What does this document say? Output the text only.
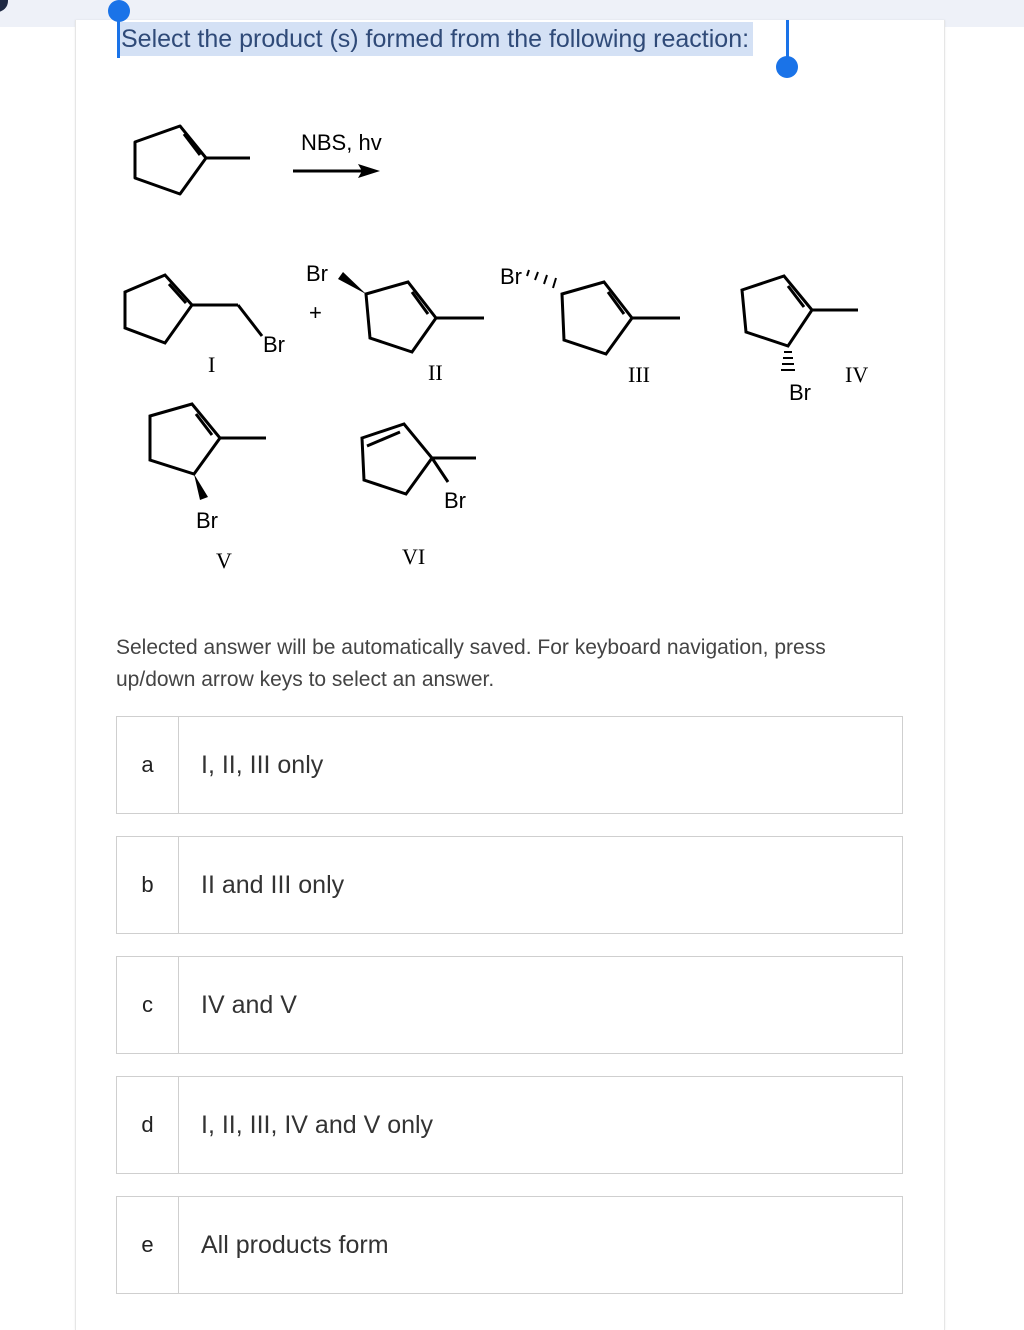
Select the product (s) formed from the following reaction:
NBS, hv
Br
I
+
Br
II
Br
III
Br
IV
Br
V
Br
VI
Selected answer will be automatically saved. For keyboard navigation, press up/down arrow keys to select an answer.
a	I, II, III only
b	II and III only
c	IV and V
d	I, II, III, IV and V only
e	All products form
